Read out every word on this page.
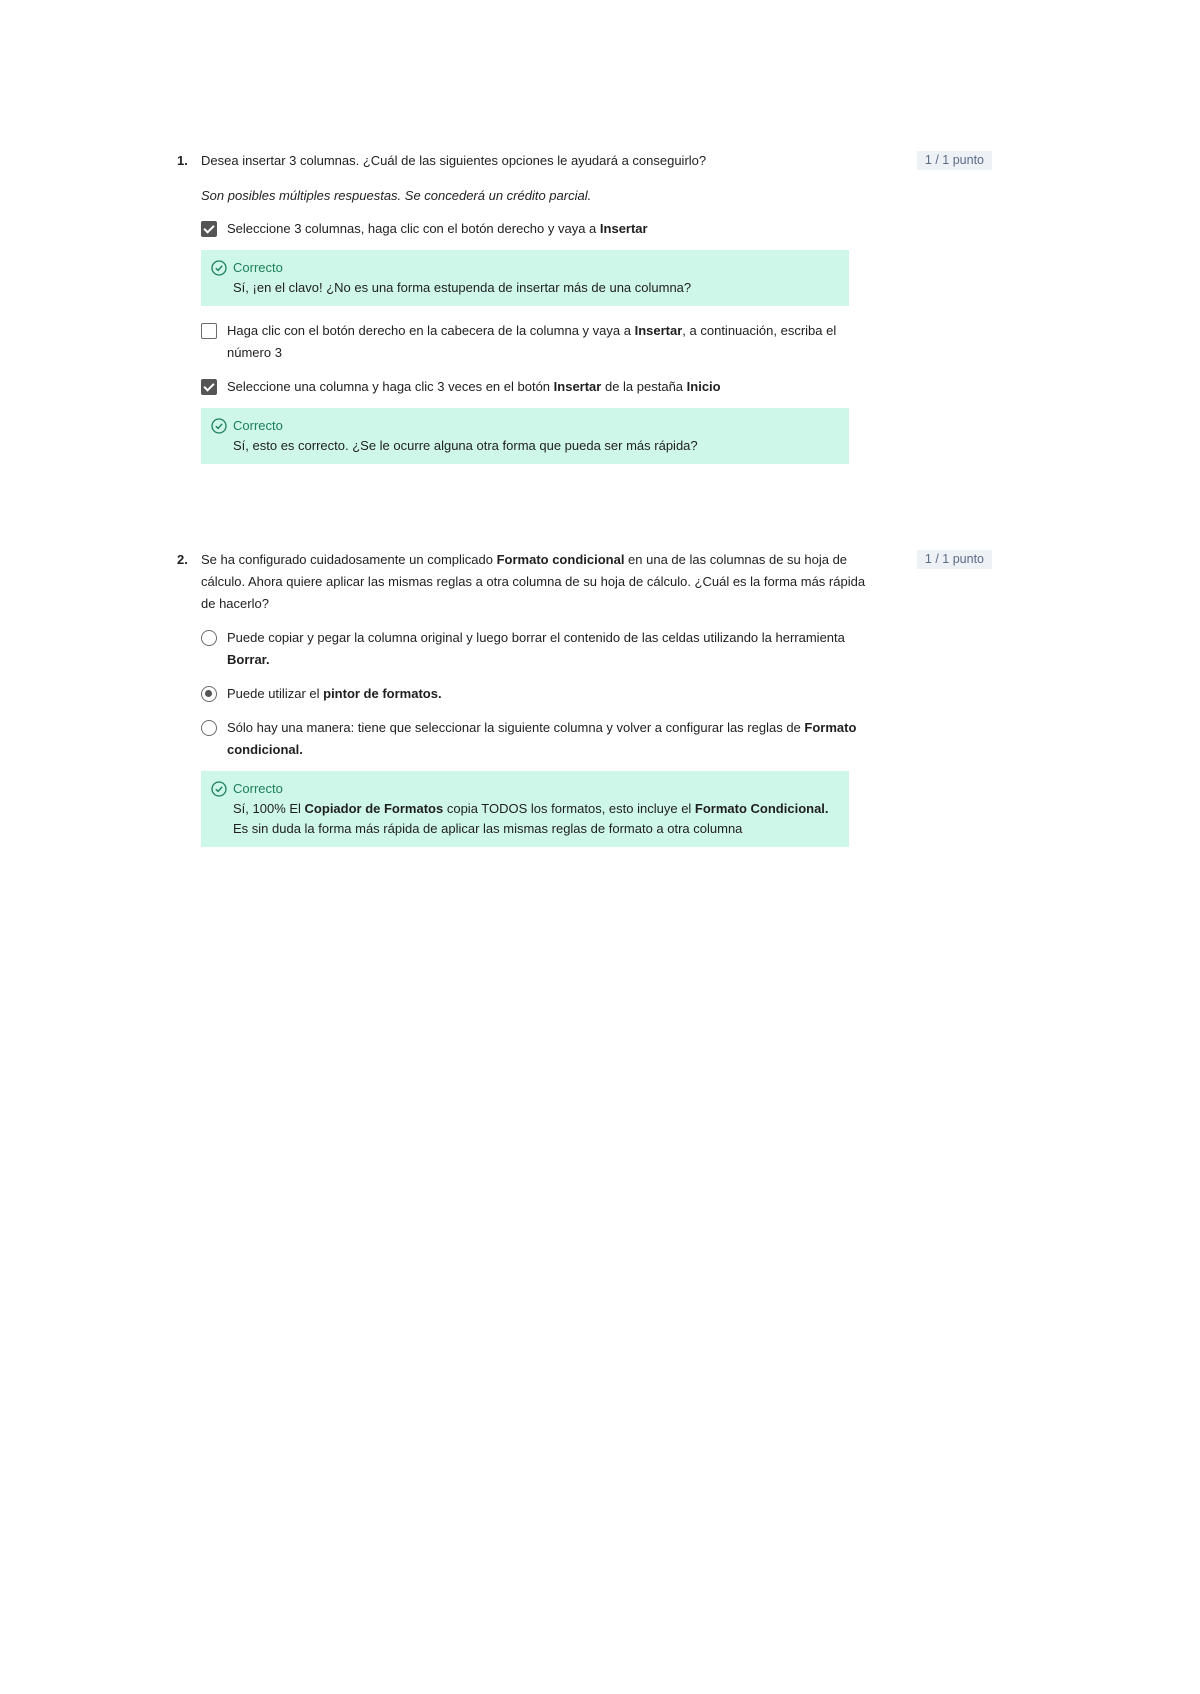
1.	Desea insertar 3 columnas. ¿Cuál de las siguientes opciones le ayudará a conseguirlo?	1 / 1 punto
Son posibles múltiples respuestas. Se concederá un crédito parcial.
Seleccione 3 columnas, haga clic con el botón derecho y vaya a Insertar
Correcto
Sí, ¡en el clavo! ¿No es una forma estupenda de insertar más de una columna?
Haga clic con el botón derecho en la cabecera de la columna y vaya a Insertar, a continuación, escriba el número 3
Seleccione una columna y haga clic 3 veces en el botón Insertar de la pestaña Inicio
Correcto
Sí, esto es correcto. ¿Se le ocurre alguna otra forma que pueda ser más rápida?
2.	Se ha configurado cuidadosamente un complicado Formato condicional en una de las columnas de su hoja de cálculo. Ahora quiere aplicar las mismas reglas a otra columna de su hoja de cálculo. ¿Cuál es la forma más rápida de hacerlo?
1 / 1 punto
Puede copiar y pegar la columna original y luego borrar el contenido de las celdas utilizando la herramienta Borrar.
Puede utilizar el pintor de formatos.
Sólo hay una manera: tiene que seleccionar la siguiente columna y volver a configurar las reglas de Formato condicional.
Correcto
Sí, 100% El Copiador de Formatos copia TODOS los formatos, esto incluye el Formato Condicional. Es sin duda la forma más rápida de aplicar las mismas reglas de formato a otra columna
